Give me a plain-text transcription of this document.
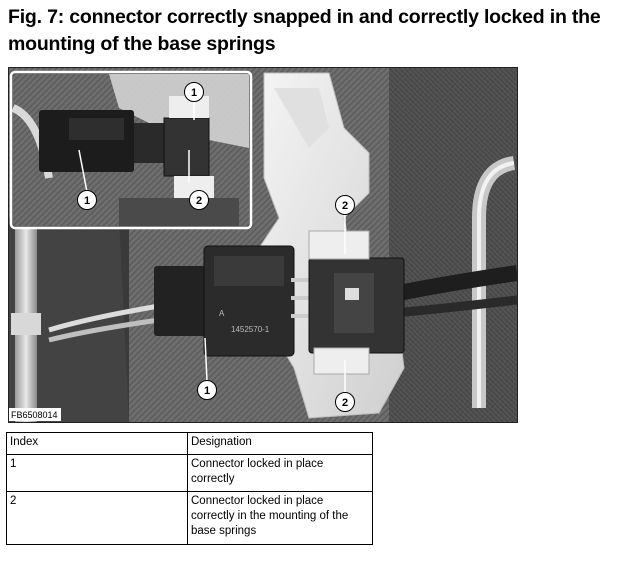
Fig. 7: connector correctly snapped in and correctly locked in the mounting of the base springs
A
1452570-1
1
1	2	2
1
2
FB6508014
Index	Designation
1	Connector locked in place correctly
2	Connector locked in place correctly in the mounting of the base springs
